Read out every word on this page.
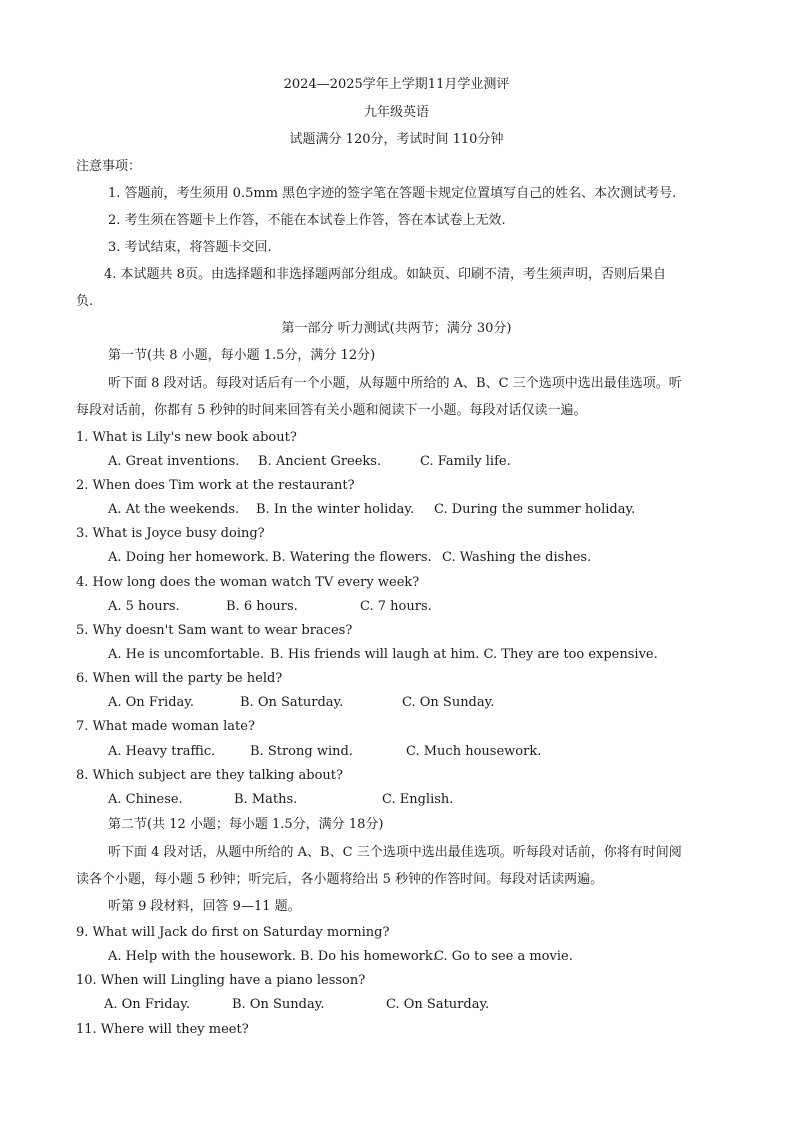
2024—2025学年上学期11月学业测评
九年级英语
试题满分 120分，考试时间 110分钟
注意事项：
1. 答题前，考生须用 0.5mm 黑色字迹的签字笔在答题卡规定位置填写自己的姓名、本次测试考号.
2. 考生须在答题卡上作答，不能在本试卷上作答，答在本试卷上无效.
3. 考试结束，将答题卡交回.
4. 本试题共 8页。由选择题和非选择题两部分组成。如缺页、印刷不清，考生须声明，否则后果自
负.
第一部分 听力测试(共两节；满分 30分)
第一节(共 8 小题，每小题 1.5分，满分 12分)
听下面 8 段对话。每段对话后有一个小题，从每题中所给的 A、B、C 三个选项中选出最佳选项。听
每段对话前，你都有 5 秒钟的时间来回答有关小题和阅读下一小题。每段对话仅读一遍。
1. What is Lily's new book about?
A. Great inventions. B. Ancient Greeks.	C. Family life.
2. When does Tim work at the restaurant?
A. At the weekends. B. In the winter holiday. C. During the summer holiday.
3. What is Joyce busy doing?
A. Doing her homework. B. Watering the flowers. C. Washing the dishes.
4. How long does the woman watch TV every week?
A. 5 hours.	B. 6 hours.	C. 7 hours.
5. Why doesn't Sam want to wear braces?
A. He is uncomfortable. B. His friends will laugh at him. C. They are too expensive.
6. When will the party be held?
A. On Friday.	B. On Saturday.	C. On Sunday.
7. What made woman late?
A. Heavy traffic.	B. Strong wind.	C. Much housework.
8. Which subject are they talking about?
A. Chinese.	B. Maths.	C. English.
第二节(共 12 小题；每小题 1.5分，满分 18分)
听下面 4 段对话，从题中所给的 A、B、C 三个选项中选出最佳选项。听每段对话前，你将有时间阅
读各个小题，每小题 5 秒钟；听完后，各小题将给出 5 秒钟的作答时间。每段对话读两遍。
听第 9 段材料，回答 9—11 题。
9. What will Jack do first on Saturday morning?
A. Help with the housework. B. Do his homework.
C. Go to see a movie.
10. When will Lingling have a piano lesson?
A. On Friday.	B. On Sunday.	C. On Saturday.
11. Where will they meet?
